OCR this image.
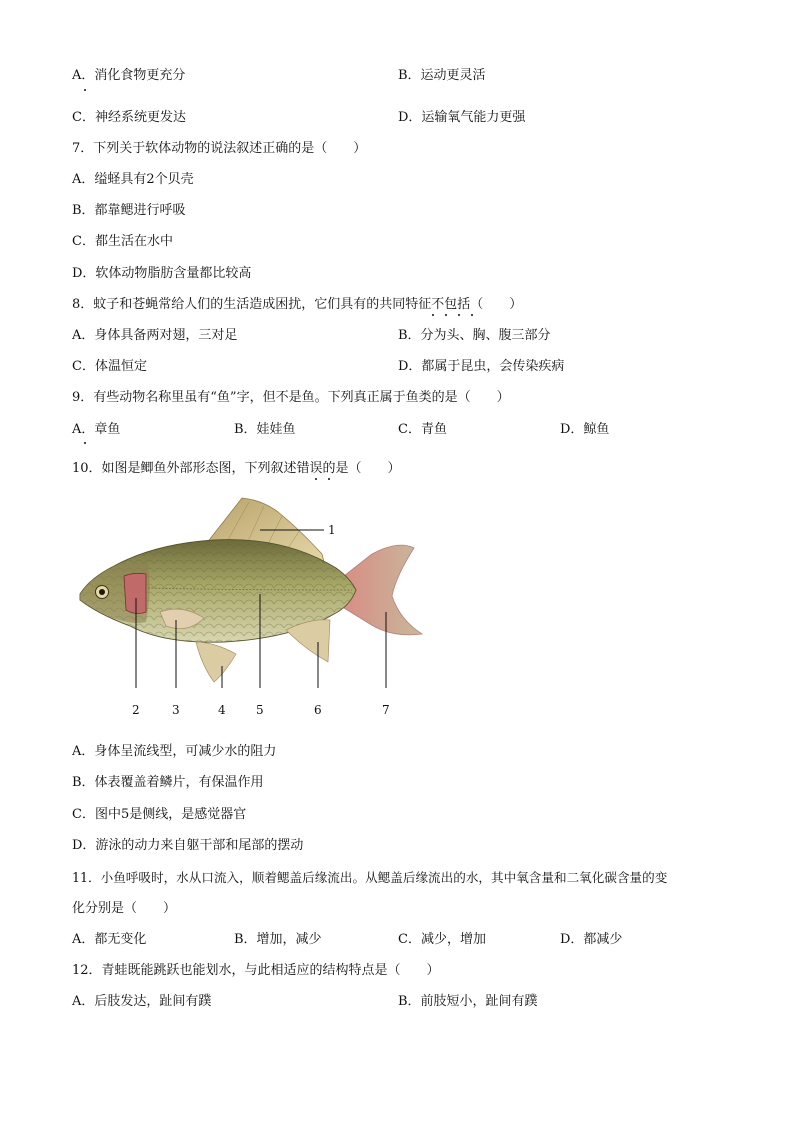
A．消化食物更充分	B．运动更灵活
C．神经系统更发达	D．运输氧气能力更强
7．下列关于软体动物的说法叙述正确的是（　　）
A．缢蛏具有2个贝壳
B．都靠鳃进行呼吸
C．都生活在水中
D．软体动物脂肪含量都比较高
8．蚊子和苍蝇常给人们的生活造成困扰，它们具有的共同特征不包括（　　）
A．身体具备两对翅，三对足	B．分为头、胸、腹三部分
C．体温恒定	D．都属于昆虫，会传染疾病
9．有些动物名称里虽有“鱼”字，但不是鱼。下列真正属于鱼类的是（　　）
A．章鱼	B．娃娃鱼	C．青鱼	D．鲸鱼
10．如图是鲫鱼外部形态图，下列叙述错误的是（　　）
1
2	3	4	5	6	7
A．身体呈流线型，可减少水的阻力
B．体表覆盖着鳞片，有保温作用
C．图中5是侧线，是感觉器官
D．游泳的动力来自躯干部和尾部的摆动
11．小鱼呼吸时，水从口流入，顺着鳃盖后缘流出。从鳃盖后缘流出的水，其中氧含量和二氧化碳含量的变
化分别是（　　）
A．都无变化	B．增加，减少	C．减少，增加	D．都减少
12．青蛙既能跳跃也能划水，与此相适应的结构特点是（　　）
A．后肢发达，趾间有蹼	B．前肢短小，趾间有蹼
